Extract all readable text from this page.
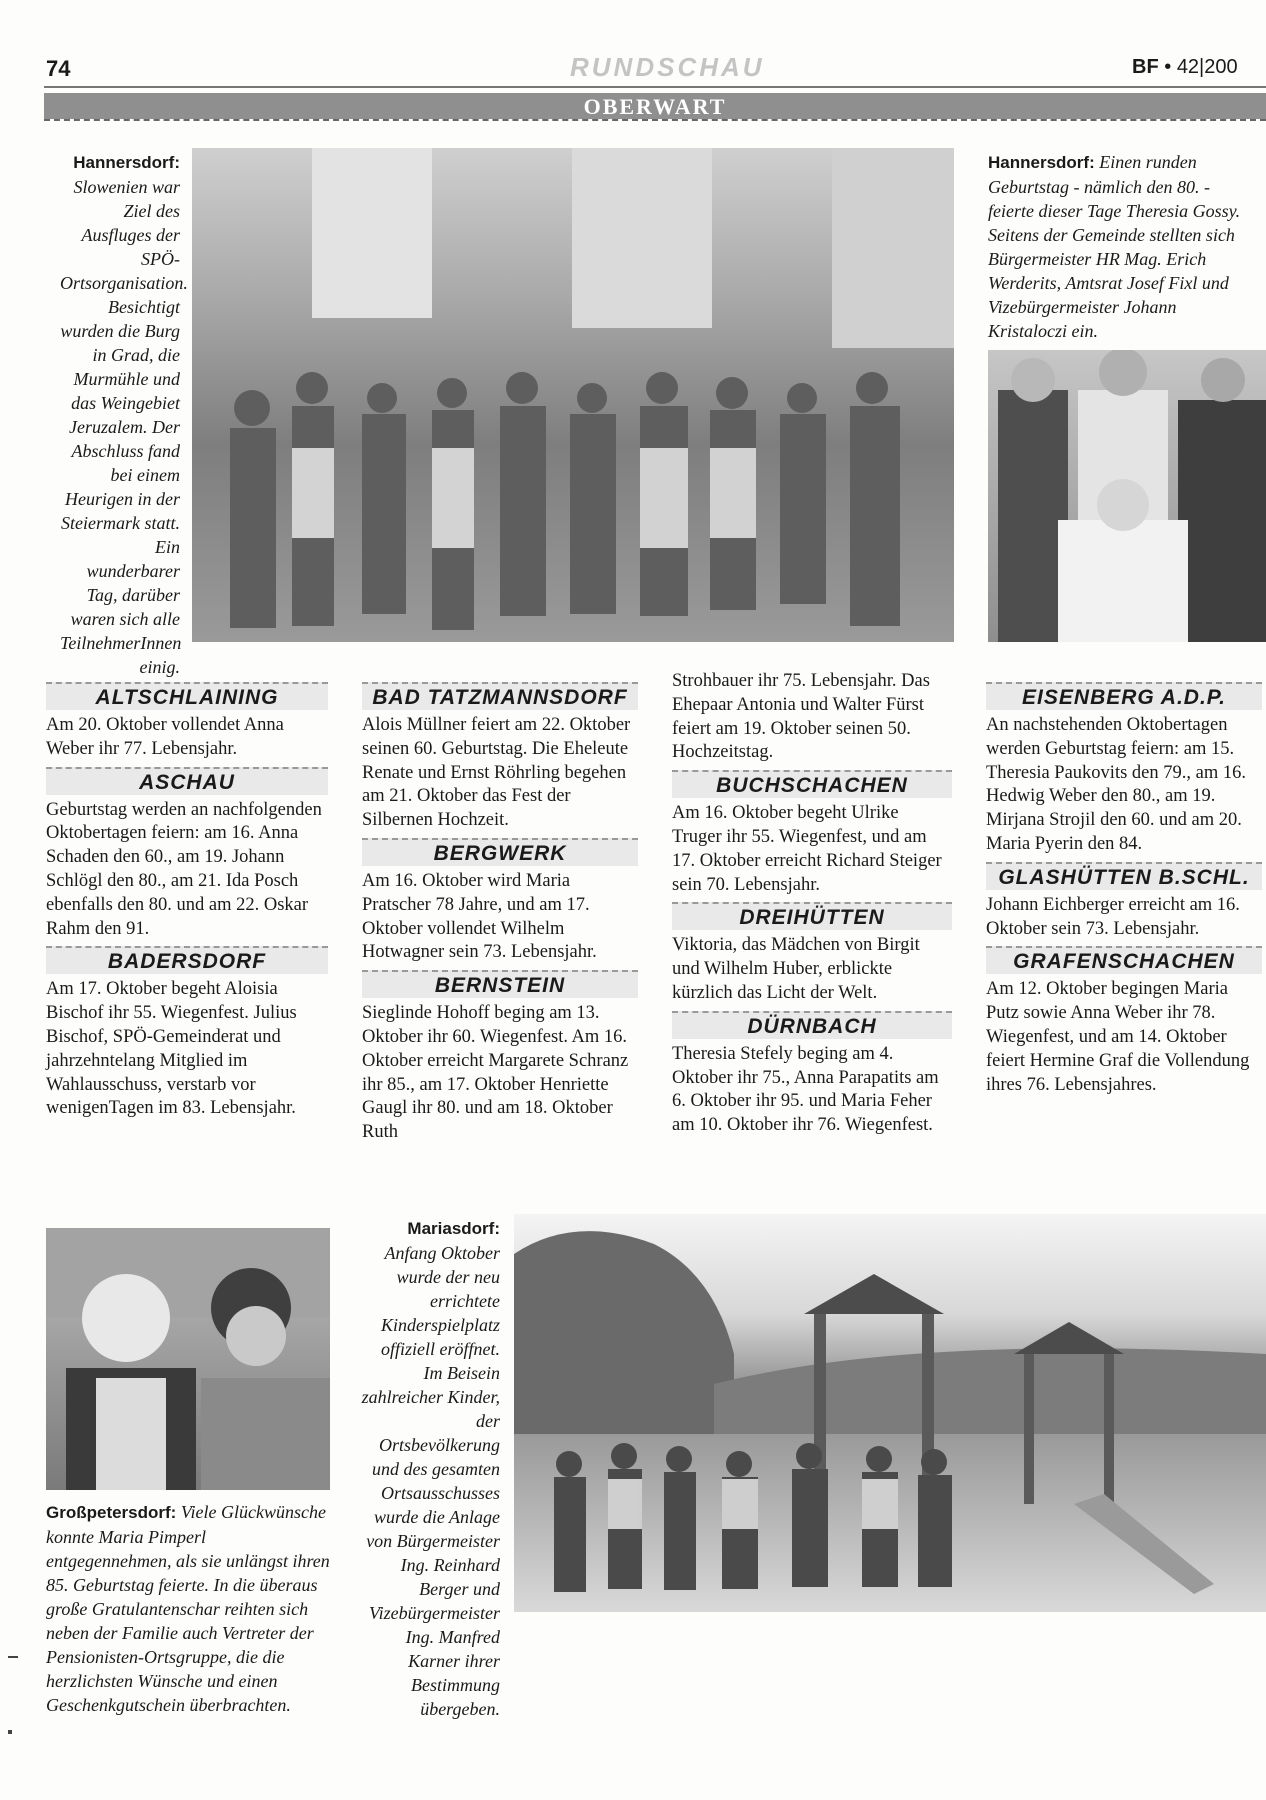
74	RUNDSCHAU	BF • 42|200
OBERWART
Hannersdorf: Slowenien war Ziel des Ausfluges der SPÖ-Ortsorganisation. Besichtigt wurden die Burg in Grad, die Murmühle und das Weingebiet Jeruzalem. Der Abschluss fand bei einem Heurigen in der Steiermark statt. Ein wunderbarer Tag, darüber waren sich alle TeilnehmerInnen einig.
Hannersdorf: Einen runden Geburtstag - nämlich den 80. - feierte dieser Tage Theresia Gossy. Seitens der Gemeinde stellten sich Bürgermeister HR Mag. Erich Werderits, Amtsrat Josef Fixl und Vizebürgermeister Johann Kristaloczi ein.
ALTSCHLAINING

Am 20. Oktober vollendet Anna Weber ihr 77. Lebensjahr.

ASCHAU

Geburtstag werden an nachfolgenden Oktobertagen feiern: am 16. Anna Schaden den 60., am 19. Johann Schlögl den 80., am 21. Ida Posch ebenfalls den 80. und am 22. Oskar Rahm den 91.

BADERSDORF

Am 17. Oktober begeht Aloisia Bischof ihr 55. Wiegenfest. Julius Bischof, SPÖ-Gemeinderat und jahrzehntelang Mitglied im Wahlausschuss, verstarb vor wenigenTagen im 83. Lebensjahr.

BAD TATZMANNSDORF

Alois Müllner feiert am 22. Oktober seinen 60. Geburtstag. Die Eheleute Renate und Ernst Röhrling begehen am 21. Oktober das Fest der Silbernen Hochzeit.

BERGWERK

Am 16. Oktober wird Maria Pratscher 78 Jahre, und am 17. Oktober vollendet Wilhelm Hotwagner sein 73. Lebensjahr.

BERNSTEIN

Sieglinde Hohoff beging am 13. Oktober ihr 60. Wiegenfest. Am 16. Oktober erreicht Margarete Schranz ihr 85., am 17. Oktober Henriette Gaugl ihr 80. und am 18. Oktober Ruth

Strohbauer ihr 75. Lebensjahr. Das Ehepaar Antonia und Walter Fürst feiert am 19. Oktober seinen 50. Hochzeitstag.

BUCHSCHACHEN

Am 16. Oktober begeht Ulrike Truger ihr 55. Wiegenfest, und am 17. Oktober erreicht Richard Steiger sein 70. Lebensjahr.

DREIHÜTTEN

Viktoria, das Mädchen von Birgit und Wilhelm Huber, erblickte kürzlich das Licht der Welt.

DÜRNBACH

Theresia Stefely beging am 4. Oktober ihr 75., Anna Parapatits am 6. Oktober ihr 95. und Maria Feher am 10. Oktober ihr 76. Wiegenfest.

EISENBERG A.D.P.

An nachstehenden Oktobertagen werden Geburtstag feiern: am 15. Theresia Paukovits den 79., am 16. Hedwig Weber den 80., am 19. Mirjana Strojil den 60. und am 20. Maria Pyerin den 84.

GLASHÜTTEN B.SCHL.

Johann Eichberger erreicht am 16. Oktober sein 73. Lebensjahr.

GRAFENSCHACHEN

Am 12. Oktober begingen Maria Putz sowie Anna Weber ihr 78. Wiegenfest, und am 14. Oktober feiert Hermine Graf die Vollendung ihres 76. Lebensjahres.

Großpetersdorf: Viele Glückwünsche konnte Maria Pimperl entgegennehmen, als sie unlängst ihren 85. Geburtstag feierte. In die überaus große Gratulantenschar reihten sich neben der Familie auch Vertreter der Pensionisten-Ortsgruppe, die die herzlichsten Wünsche und einen Geschenkgutschein überbrachten.
Mariasdorf: Anfang Oktober wurde der neu errichtete Kinderspielplatz offiziell eröffnet. Im Beisein zahlreicher Kinder, der Ortsbevölkerung und des gesamten Ortsausschusses wurde die Anlage von Bürgermeister Ing. Reinhard Berger und Vizebürgermeister Ing. Manfred Karner ihrer Bestimmung übergeben.
